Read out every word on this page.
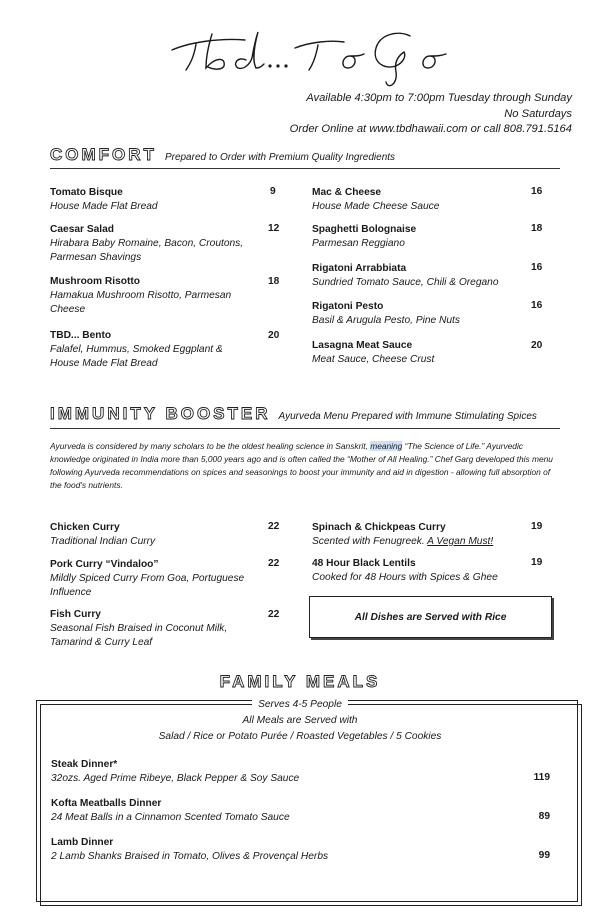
Available 4:30pm to 7:00pm Tuesday through Sunday
No Saturdays
Order Online at www.tbdhawaii.com or call 808.791.5164
COMFORT Prepared to Order with Premium Quality Ingredients
Tomato Bisque
House Made Flat Bread
9
Caesar Salad
Hirabara Baby Romaine, Bacon, Croutons, Parmesan Shavings
12
Mushroom Risotto
Hamakua Mushroom Risotto, Parmesan Cheese
18
TBD... Bento
Falafel, Hummus, Smoked Eggplant & House Made Flat Bread
20
Mac & Cheese
House Made Cheese Sauce
16
Spaghetti Bolognaise
Parmesan Reggiano
18
Rigatoni Arrabbiata
Sundried Tomato Sauce, Chili & Oregano
16
Rigatoni Pesto
Basil & Arugula Pesto, Pine Nuts
16
Lasagna Meat Sauce
Meat Sauce, Cheese Crust
20
IMMUNITY BOOSTER Ayurveda Menu Prepared with Immune Stimulating Spices
Ayurveda is considered by many scholars to be the oldest healing science in Sanskrit, meaning “The Science of Life.” Ayurvedic knowledge originated in India more than 5,000 years ago and is often called the “Mother of All Healing.” Chef Garg developed this menu following Ayurveda recommendations on spices and seasonings to boost your immunity and aid in digestion - allowing full absorption of the food's nutrients.
Chicken Curry
Traditional Indian Curry
22
Pork Curry “Vindaloo”
Mildly Spiced Curry From Goa, Portuguese Influence
22
Fish Curry
Seasonal Fish Braised in Coconut Milk, Tamarind & Curry Leaf
22
Spinach & Chickpeas Curry
Scented with Fenugreek. A Vegan Must!
19
48 Hour Black Lentils
Cooked for 48 Hours with Spices & Ghee
19
All Dishes are Served with Rice
FAMILY MEALS
Serves 4-5 People
All Meals are Served with
Salad / Rice or Potato Purée / Roasted Vegetables / 5 Cookies
Steak Dinner*
32ozs. Aged Prime Ribeye, Black Pepper & Soy Sauce	119
Kofta Meatballs Dinner
24 Meat Balls in a Cinnamon Scented Tomato Sauce	89
Lamb Dinner
2 Lamb Shanks Braised in Tomato, Olives & Provençal Herbs	99
